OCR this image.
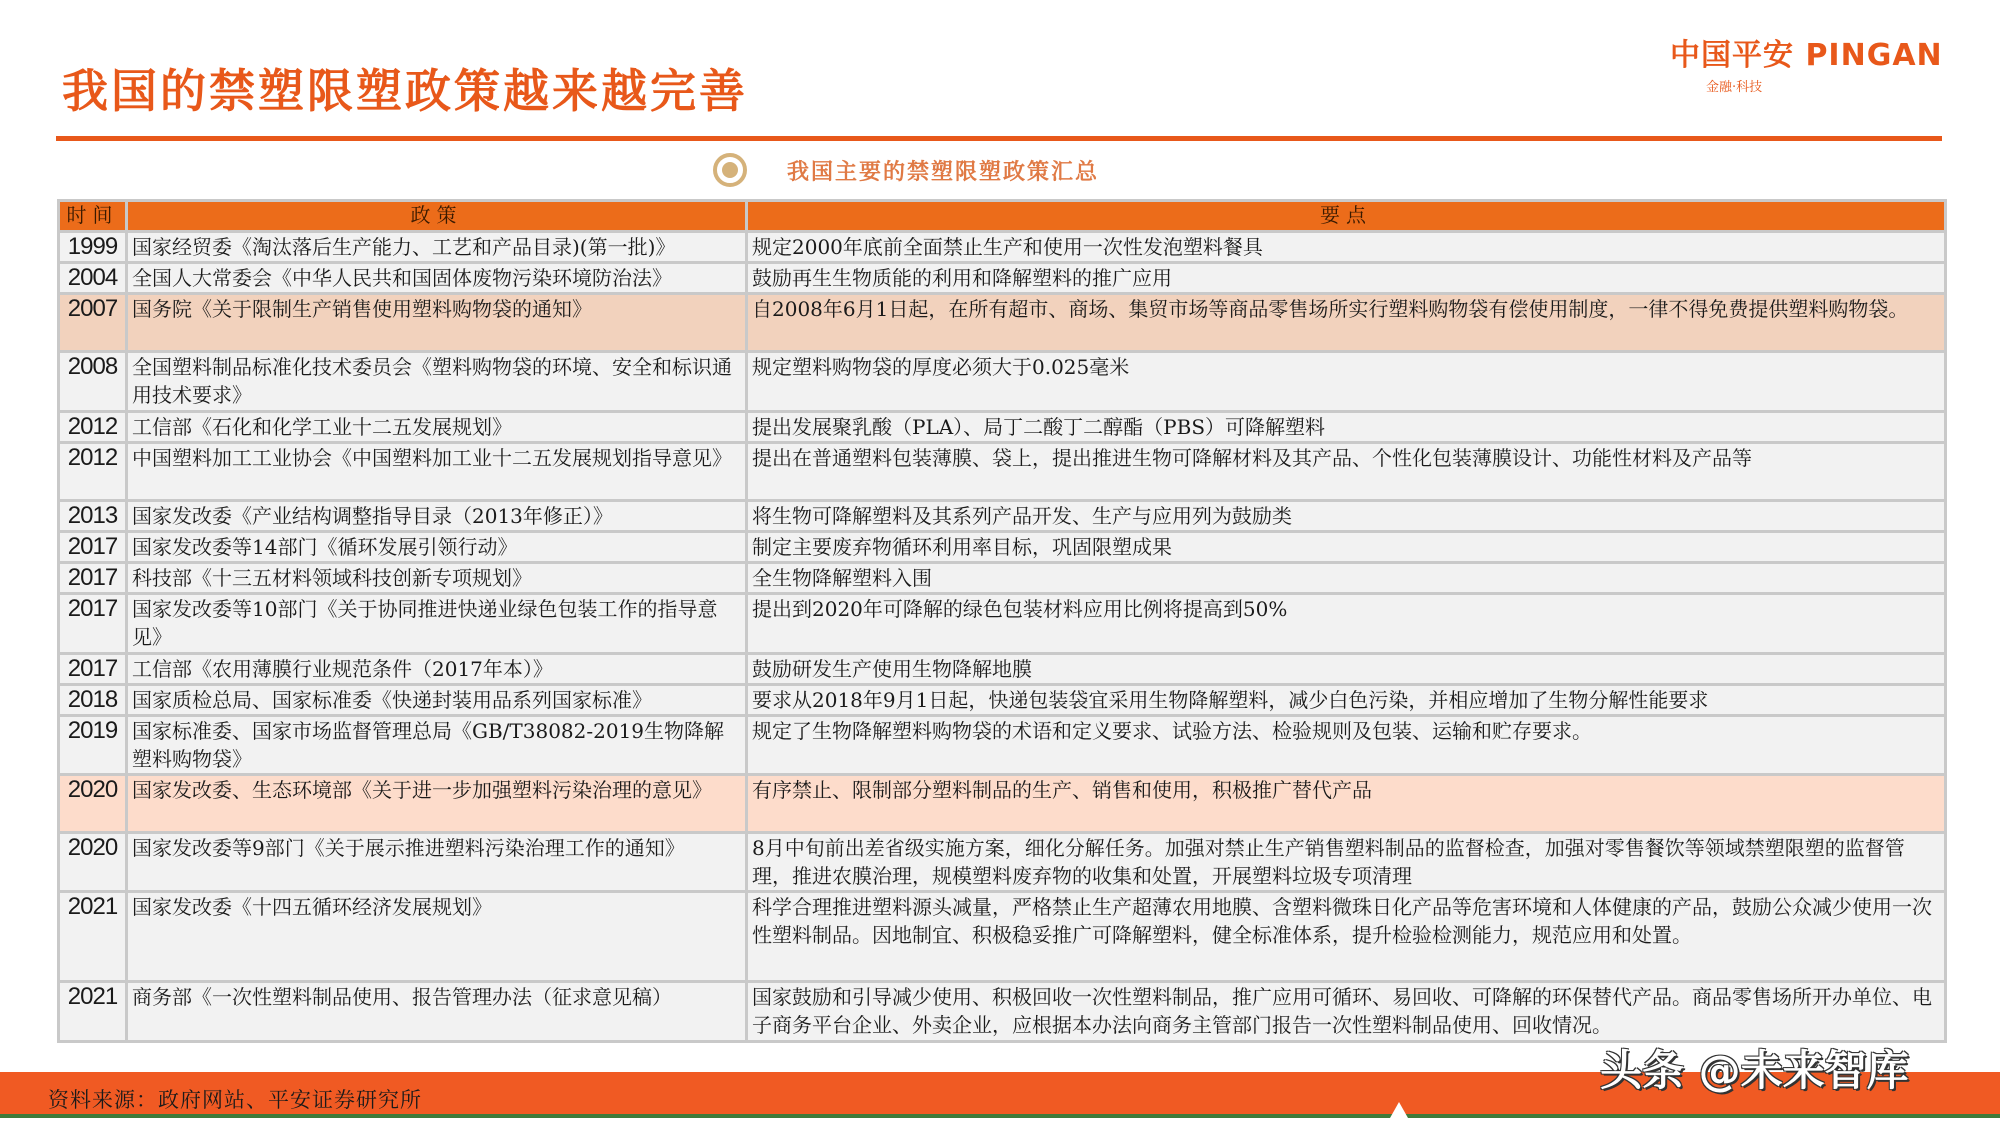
我国的禁塑限塑政策越来越完善
中国平安 PINGAN
金融·科技
我国主要的禁塑限塑政策汇总
时间	政策	要点
1999	国家经贸委《淘汰落后生产能力、工艺和产品目录)(第一批)》	规定2000年底前全面禁止生产和使用一次性发泡塑料餐具
2004	全国人大常委会《中华人民共和国固体废物污染环境防治法》	鼓励再生生物质能的利用和降解塑料的推广应用
2007	国务院《关于限制生产销售使用塑料购物袋的通知》	自2008年6月1日起，在所有超市、商场、集贸市场等商品零售场所实行塑料购物袋有偿使用制度，一律不得免费提供塑料购物袋。
2008	全国塑料制品标准化技术委员会《塑料购物袋的环境、安全和标识通用技术要求》	规定塑料购物袋的厚度必须大于0.025毫米
2012	工信部《石化和化学工业十二五发展规划》	提出发展聚乳酸（PLA）、局丁二酸丁二醇酯（PBS）可降解塑料
2012	中国塑料加工工业协会《中国塑料加工业十二五发展规划指导意见》	提出在普通塑料包装薄膜、袋上，提出推进生物可降解材料及其产品、个性化包装薄膜设计、功能性材料及产品等
2013	国家发改委《产业结构调整指导目录（2013年修正）》	将生物可降解塑料及其系列产品开发、生产与应用列为鼓励类
2017	国家发改委等14部门《循环发展引领行动》	制定主要废弃物循环利用率目标，巩固限塑成果
2017	科技部《十三五材料领域科技创新专项规划》	全生物降解塑料入围
2017	国家发改委等10部门《关于协同推进快递业绿色包装工作的指导意见》	提出到2020年可降解的绿色包装材料应用比例将提高到50%
2017	工信部《农用薄膜行业规范条件（2017年本）》	鼓励研发生产使用生物降解地膜
2018	国家质检总局、国家标准委《快递封装用品系列国家标准》	要求从2018年9月1日起，快递包装袋宜采用生物降解塑料，减少白色污染，并相应增加了生物分解性能要求
2019	国家标准委、国家市场监督管理总局《GB/T38082-2019生物降解塑料购物袋》	规定了生物降解塑料购物袋的术语和定义要求、试验方法、检验规则及包装、运输和贮存要求。
2020	国家发改委、生态环境部《关于进一步加强塑料污染治理的意见》	有序禁止、限制部分塑料制品的生产、销售和使用，积极推广替代产品
2020	国家发改委等9部门《关于展示推进塑料污染治理工作的通知》	8月中旬前出差省级实施方案，细化分解任务。加强对禁止生产销售塑料制品的监督检查，加强对零售餐饮等领域禁塑限塑的监督管理，推进农膜治理，规模塑料废弃物的收集和处置，开展塑料垃圾专项清理
2021	国家发改委《十四五循环经济发展规划》	科学合理推进塑料源头减量，严格禁止生产超薄农用地膜、含塑料微珠日化产品等危害环境和人体健康的产品，鼓励公众减少使用一次性塑料制品。因地制宜、积极稳妥推广可降解塑料，健全标准体系，提升检验检测能力，规范应用和处置。
2021	商务部《一次性塑料制品使用、报告管理办法（征求意见稿）	国家鼓励和引导减少使用、积极回收一次性塑料制品，推广应用可循环、易回收、可降解的环保替代产品。商品零售场所开办单位、电子商务平台企业、外卖企业，应根据本办法向商务主管部门报告一次性塑料制品使用、回收情况。
资料来源：政府网站、平安证券研究所
头条 @未来智库
